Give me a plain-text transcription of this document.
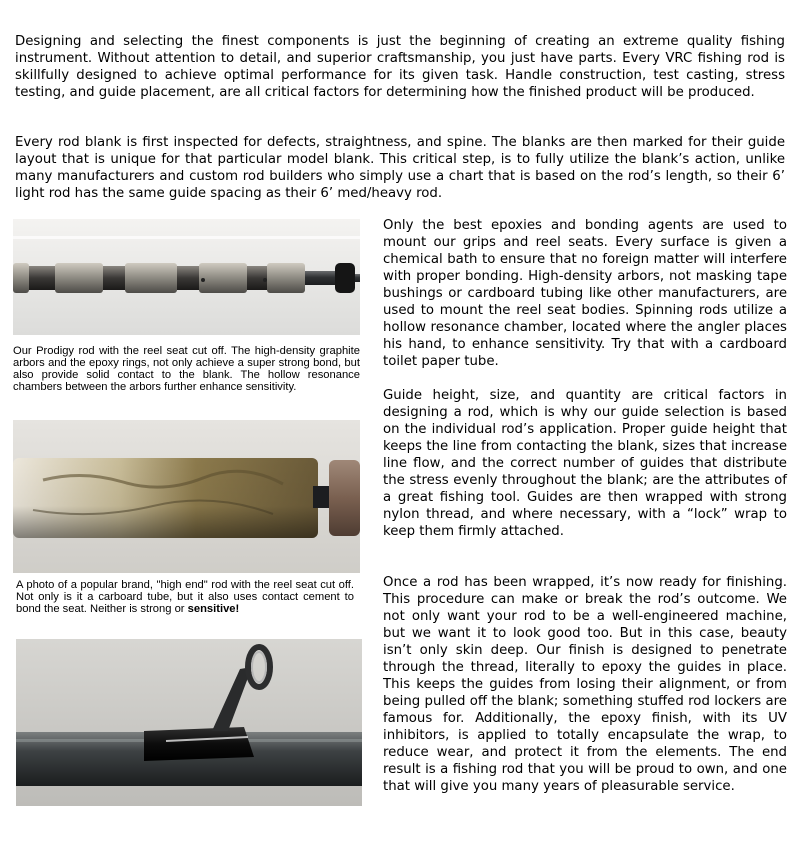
Designing and selecting the finest components is just the beginning of creating an extreme quality fishing instrument. Without attention to detail, and superior craftsmanship, you just have parts. Every VRC fishing rod is skillfully designed to achieve optimal performance for its given task. Handle construction, test casting, stress testing, and guide placement, are all critical factors for determining how the finished product will be produced.

Every rod blank is first inspected for defects, straightness, and spine. The blanks are then marked for their guide layout that is unique for that particular model blank. This critical step, is to fully utilize the blank’s action, unlike many manufacturers and custom rod builders who simply use a chart that is based on the rod’s length, so their 6’ light rod has the same guide spacing as their 6’ med/heavy rod.

Our Prodigy rod with the reel seat cut off. The high-density graphite arbors and the epoxy rings, not only achieve a super strong bond, but also provide solid contact to the blank. The hollow resonance chambers between the arbors further enhance sensitivity.

A photo of a popular brand, "high end" rod with the reel seat cut off. Not only is it a carboard tube, but it also uses contact cement to bond the seat. Neither is strong or sensitive!

Only the best epoxies and bonding agents are used to mount our grips and reel seats. Every surface is given a chemical bath to ensure that no foreign matter will interfere with proper bonding. High-density arbors, not masking tape bushings or cardboard tubing like other manufacturers, are used to mount the reel seat bodies. Spinning rods utilize a hollow resonance chamber, located where the angler places his hand, to enhance sensitivity. Try that with a cardboard toilet paper tube.

Guide height, size, and quantity are critical factors in designing a rod, which is why our guide selection is based on the individual rod’s application. Proper guide height that keeps the line from contacting the blank, sizes that increase line flow, and the correct number of guides that distribute the stress evenly throughout the blank; are the attributes of a great fishing tool. Guides are then wrapped with strong nylon thread, and where necessary, with a “lock” wrap to keep them firmly attached.

Once a rod has been wrapped, it’s now ready for finishing. This procedure can make or break the rod’s outcome. We not only want your rod to be a well-engineered machine, but we want it to look good too. But in this case, beauty isn’t only skin deep. Our finish is designed to penetrate through the thread, literally to epoxy the guides in place. This keeps the guides from losing their alignment, or from being pulled off the blank; something stuffed rod lockers are famous for. Additionally, the epoxy finish, with its UV inhibitors, is applied to totally encapsulate the wrap, to reduce wear, and protect it from the elements. The end result is a fishing rod that you will be proud to own, and one that will give you many years of pleasurable service.
